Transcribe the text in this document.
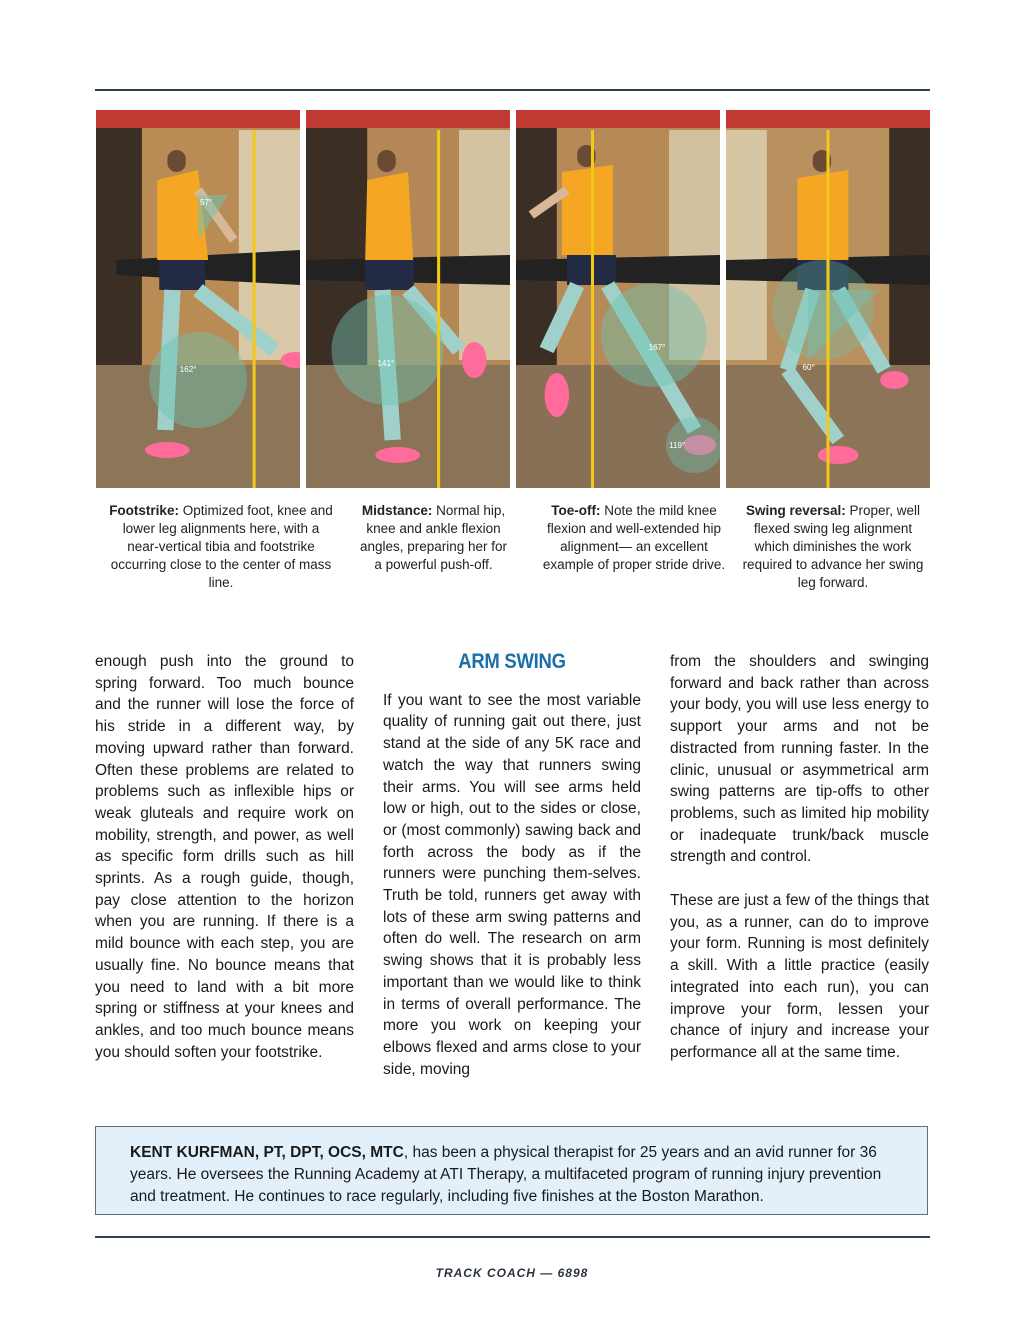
57°
162°
141°
167°
119°
60°
Footstrike: Optimized foot, knee and lower leg alignments here, with a near-vertical tibia and footstrike occurring close to the center of mass line.
Midstance: Normal hip, knee and ankle flexion angles, preparing her for a powerful push-off.
Toe-off: Note the mild knee flexion and well-extended hip alignment— an excellent example of proper stride drive.
Swing reversal: Proper, well flexed swing leg alignment which diminishes the work required to advance her swing leg forward.

enough push into the ground to spring forward. Too much bounce and the runner will lose the force of his stride in a different way, by moving upward rather than forward. Often these problems are related to problems such as inflexible hips or weak gluteals and require work on mobility, strength, and power, as well as specific form drills such as hill sprints. As a rough guide, though, pay close attention to the horizon when you are running. If there is a mild bounce with each step, you are usually fine. No bounce means that you need to land with a bit more spring or stiffness at your knees and ankles, and too much bounce means you should soften your footstrike.

ARM SWING

If you want to see the most variable quality of running gait out there, just stand at the side of any 5K race and watch the way that runners swing their arms. You will see arms held low or high, out to the sides or close, or (most commonly) sawing back and forth across the body as if the runners were punching them-selves. Truth be told, runners get away with lots of these arm swing patterns and often do well. The research on arm swing shows that it is probably less important than we would like to think in terms of overall performance. The more you work on keeping your elbows flexed and arms close to your side, moving

from the shoulders and swinging forward and back rather than across your body, you will use less energy to support your arms and not be distracted from running faster. In the clinic, unusual or asymmetrical arm swing patterns are tip-offs to other problems, such as limited hip mobility or inadequate trunk/back muscle strength and control.

These are just a few of the things that you, as a runner, can do to improve your form. Running is most definitely a skill. With a little practice (easily integrated into each run), you can improve your form, lessen your chance of injury and increase your performance all at the same time.

KENT KURFMAN, PT, DPT, OCS, MTC, has been a physical therapist for 25 years and an avid runner for 36 years. He oversees the Running Academy at ATI Therapy, a multifaceted program of running injury prevention and treatment. He continues to race regularly, including five finishes at the Boston Marathon.
TRACK COACH — 6898
